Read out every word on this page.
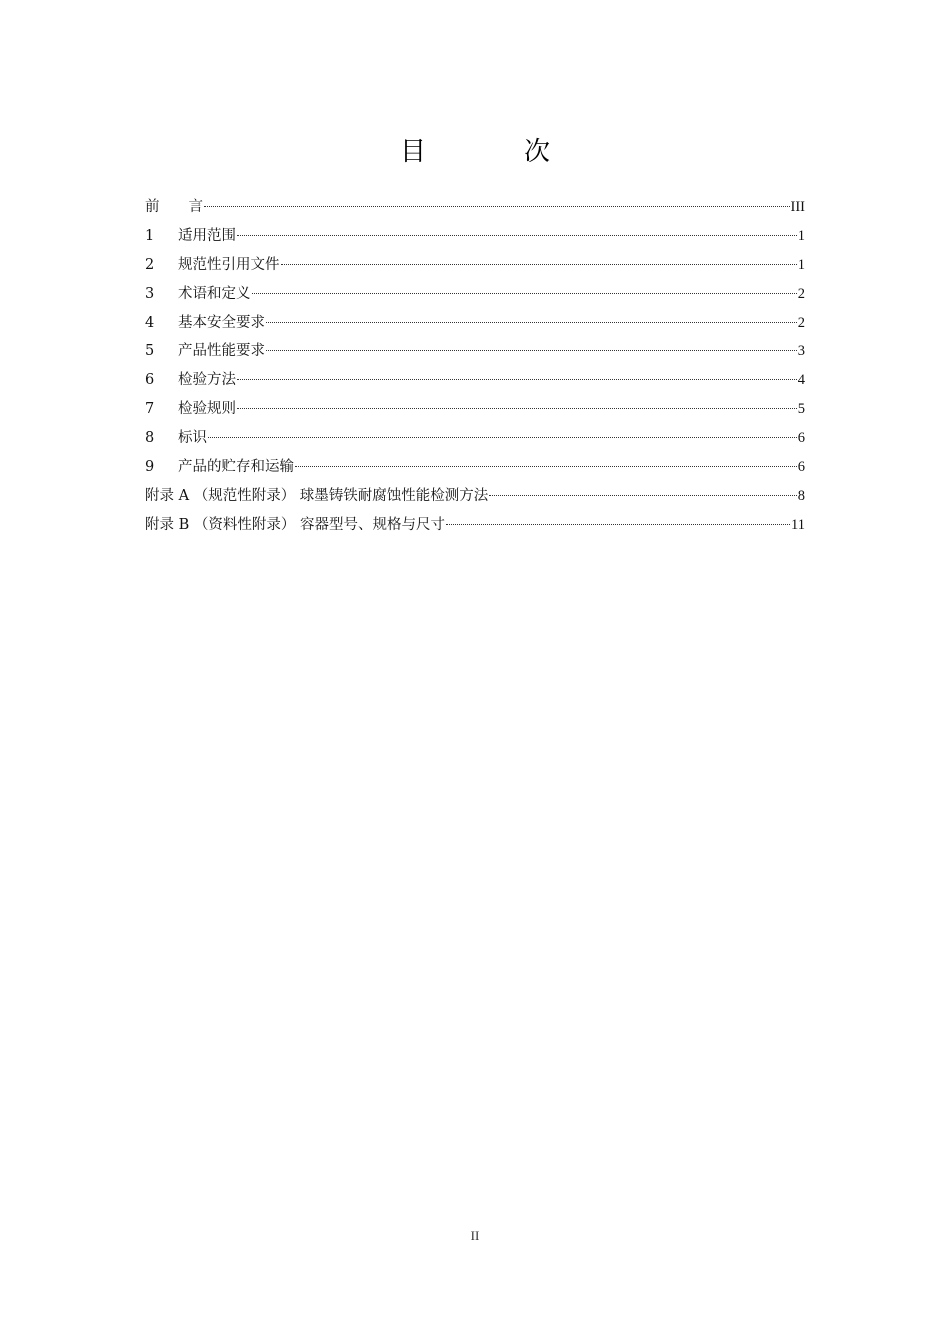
目　次
前 　　言	III
1	适用范围	1
2	规范性引用文件	1
3	术语和定义	2
4	基本安全要求	2
5	产品性能要求	3
6	检验方法	4
7	检验规则	5
8	标识	6
9	产品的贮存和运输	6
附录 A （规范性附录） 球墨铸铁耐腐蚀性能检测方法	8
附录 B （资料性附录） 容器型号、规格与尺寸	11
II
